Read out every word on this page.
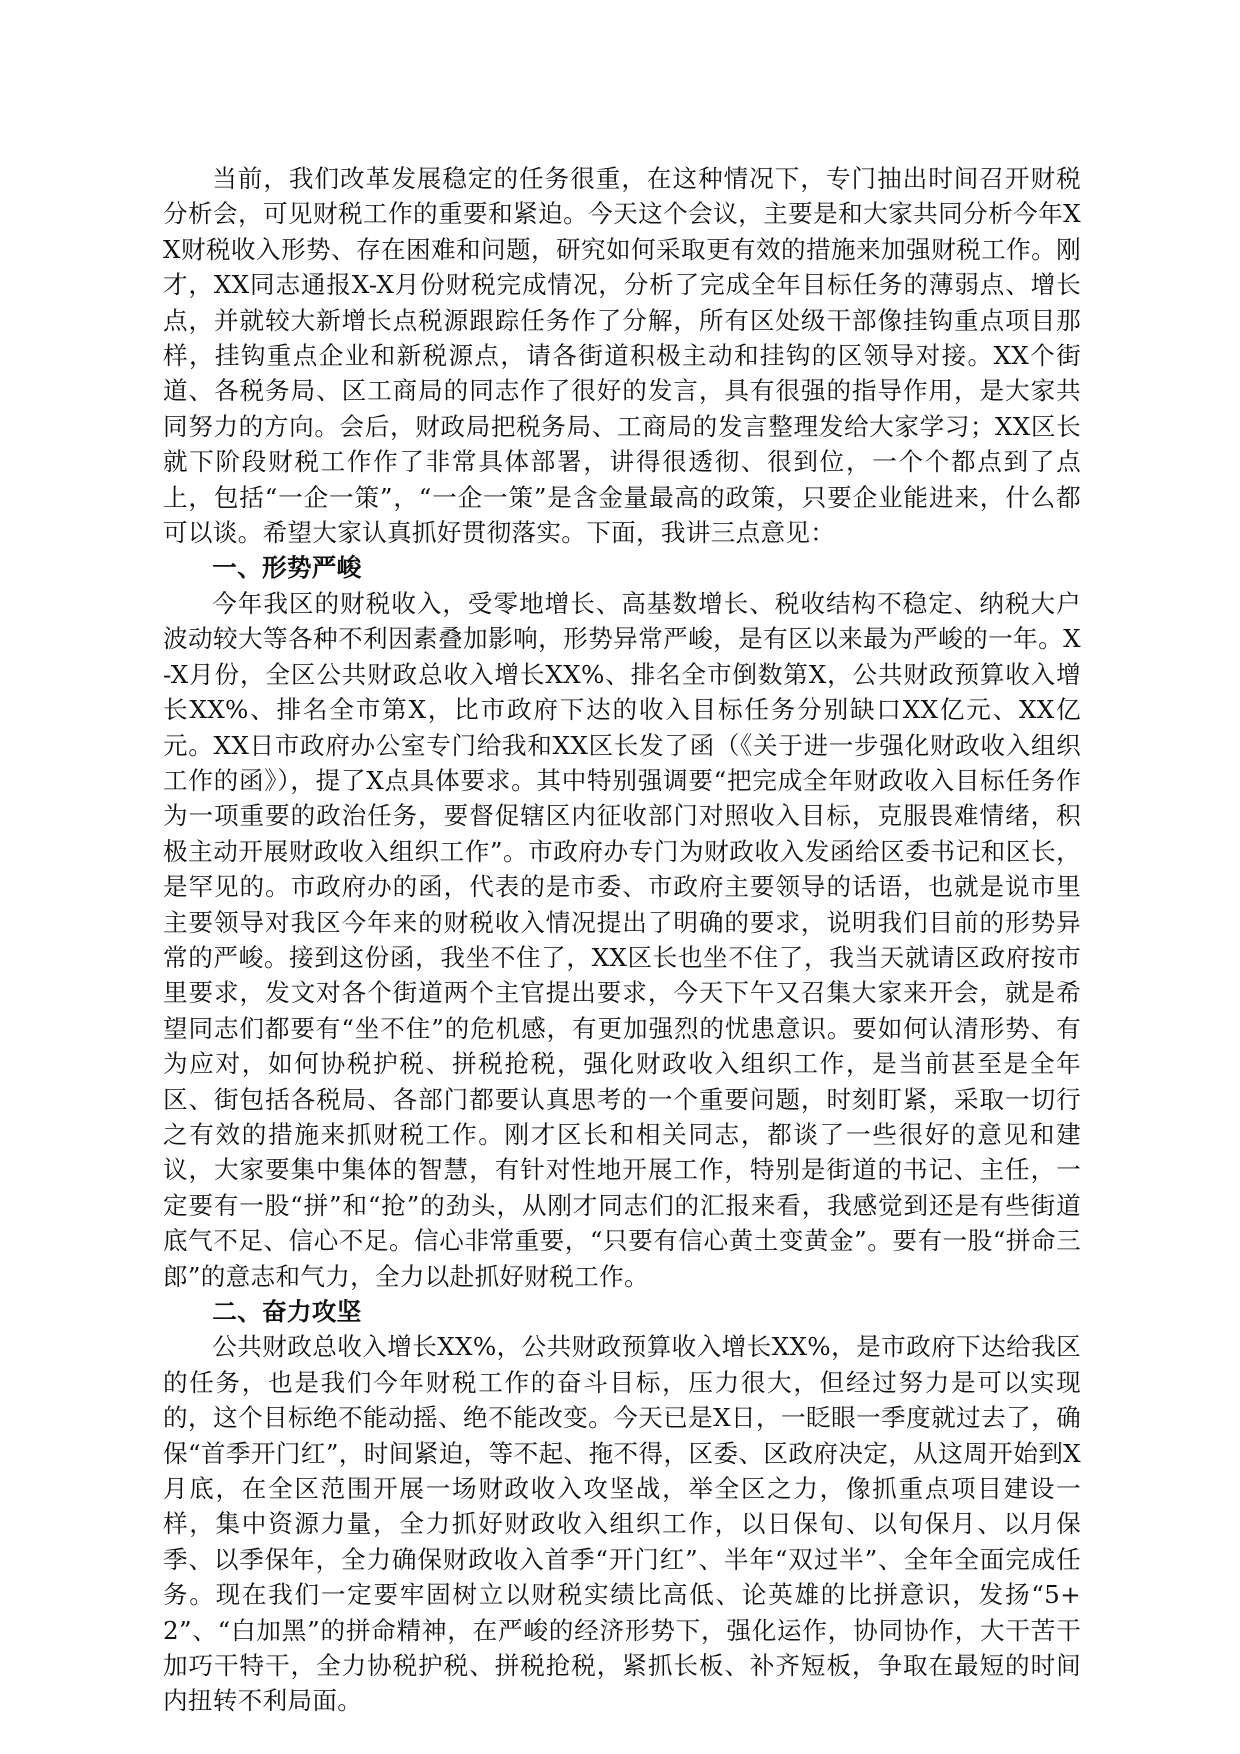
当前，我们改革发展稳定的任务很重，在这种情况下，专门抽出时间召开财税分析会，可见财税工作的重要和紧迫。今天这个会议，主要是和大家共同分析今年XX财税收入形势、存在困难和问题，研究如何采取更有效的措施来加强财税工作。刚才，XX同志通报X-X月份财税完成情况，分析了完成全年目标任务的薄弱点、增长点，并就较大新增长点税源跟踪任务作了分解，所有区处级干部像挂钩重点项目那样，挂钩重点企业和新税源点，请各街道积极主动和挂钩的区领导对接。XX个街道、各税务局、区工商局的同志作了很好的发言，具有很强的指导作用，是大家共同努力的方向。会后，财政局把税务局、工商局的发言整理发给大家学习；XX区长就下阶段财税工作作了非常具体部署，讲得很透彻、很到位，一个个都点到了点上，包括“一企一策”，“一企一策”是含金量最高的政策，只要企业能进来，什么都可以谈。希望大家认真抓好贯彻落实。下面，我讲三点意见：

一、形势严峻

今年我区的财税收入，受零地增长、高基数增长、税收结构不稳定、纳税大户波动较大等各种不利因素叠加影响，形势异常严峻，是有区以来最为严峻的一年。X-X月份，全区公共财政总收入增长XX%、排名全市倒数第X，公共财政预算收入增长XX%、排名全市第X，比市政府下达的收入目标任务分别缺口XX亿元、XX亿元。XX日市政府办公室专门给我和XX区长发了函（《关于进一步强化财政收入组织工作的函》），提了X点具体要求。其中特别强调要“把完成全年财政收入目标任务作为一项重要的政治任务，要督促辖区内征收部门对照收入目标，克服畏难情绪，积极主动开展财政收入组织工作”。市政府办专门为财政收入发函给区委书记和区长，是罕见的。市政府办的函，代表的是市委、市政府主要领导的话语，也就是说市里主要领导对我区今年来的财税收入情况提出了明确的要求，说明我们目前的形势异常的严峻。接到这份函，我坐不住了，XX区长也坐不住了，我当天就请区政府按市里要求，发文对各个街道两个主官提出要求，今天下午又召集大家来开会，就是希望同志们都要有“坐不住”的危机感，有更加强烈的忧患意识。要如何认清形势、有为应对，如何协税护税、拼税抢税，强化财政收入组织工作，是当前甚至是全年区、街包括各税局、各部门都要认真思考的一个重要问题，时刻盯紧，采取一切行之有效的措施来抓财税工作。刚才区长和相关同志，都谈了一些很好的意见和建议，大家要集中集体的智慧，有针对性地开展工作，特别是街道的书记、主任，一定要有一股“拼”和“抢”的劲头，从刚才同志们的汇报来看，我感觉到还是有些街道底气不足、信心不足。信心非常重要，“只要有信心黄土变黄金”。要有一股“拼命三郎”的意志和气力，全力以赴抓好财税工作。

二、奋力攻坚

公共财政总收入增长XX%，公共财政预算收入增长XX%，是市政府下达给我区的任务，也是我们今年财税工作的奋斗目标，压力很大，但经过努力是可以实现的，这个目标绝不能动摇、绝不能改变。今天已是X日，一眨眼一季度就过去了，确保“首季开门红”，时间紧迫，等不起、拖不得，区委、区政府决定，从这周开始到X月底，在全区范围开展一场财政收入攻坚战，举全区之力，像抓重点项目建设一样，集中资源力量，全力抓好财政收入组织工作，以日保旬、以旬保月、以月保季、以季保年，全力确保财政收入首季“开门红”、半年“双过半”、全年全面完成任务。现在我们一定要牢固树立以财税实绩比高低、论英雄的比拼意识，发扬“5+2”、“白加黑”的拼命精神，在严峻的经济形势下，强化运作，协同协作，大干苦干加巧干特干，全力协税护税、拼税抢税，紧抓长板、补齐短板，争取在最短的时间内扭转不利局面。
